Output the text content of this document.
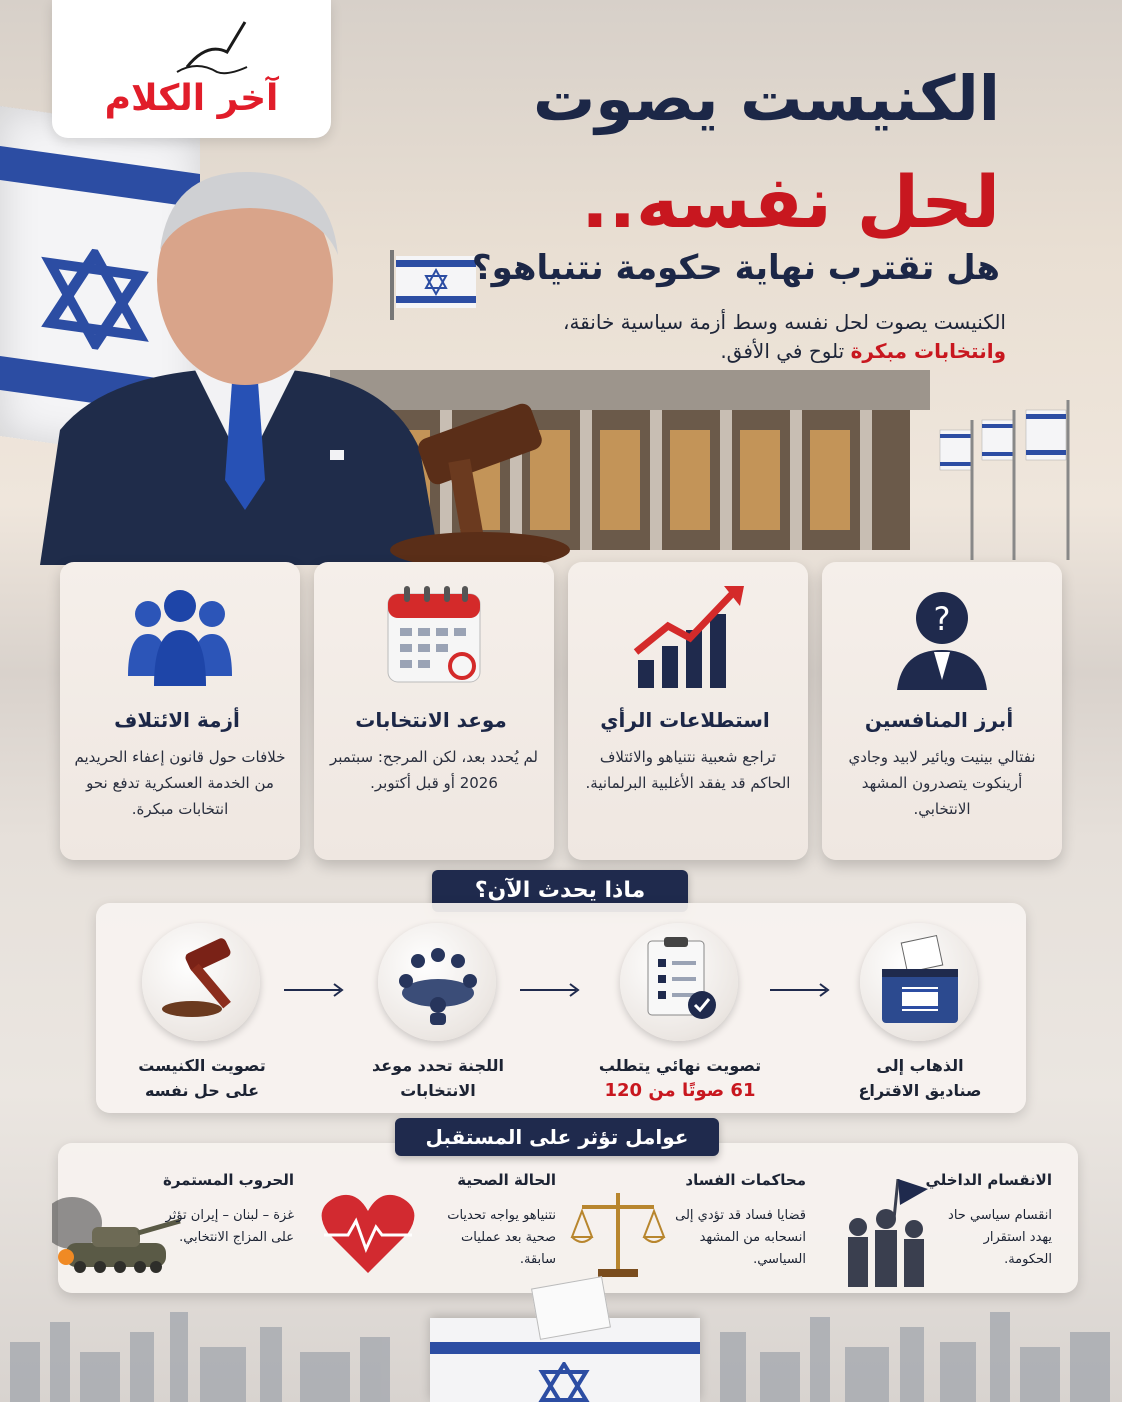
آخر الكلام	الكنيست يصوت
لحل نفسه..
هل تقترب نهاية حكومة نتنياهو؟
الكنيست يصوت لحل نفسه وسط أزمة سياسية خانقة،
وانتخابات مبكرة تلوح في الأفق.
?
أبرز المنافسين
نفتالي بينيت ويائير لابيد وجادي أرينكوت يتصدرون المشهد الانتخابي.
استطلاعات الرأي
تراجع شعبية نتنياهو والائتلاف الحاكم قد يفقد الأغلبية البرلمانية.
موعد الانتخابات
لم يُحدد بعد، لكن المرجح: سبتمبر 2026 أو قبل أكتوبر.
أزمة الائتلاف
خلافات حول قانون إعفاء الحريديم من الخدمة العسكرية تدفع نحو انتخابات مبكرة.
ماذا يحدث الآن؟
الذهاب إلى
صناديق الاقتراع
تصويت نهائي يتطلب
61 صوتًا من 120
اللجنة تحدد موعد
الانتخابات
تصويت الكنيست
على حل نفسه
الانقسام الداخلي
انقسام سياسي حاد يهدد استقرار الحكومة.
محاكمات الفساد
قضايا فساد قد تؤدي إلى انسحابه من المشهد السياسي.
الحالة الصحية
نتنياهو يواجه تحديات صحية بعد عمليات سابقة.
الحروب المستمرة
غزة – لبنان – إيران تؤثر على المزاج الانتخابي.
عوامل تؤثر على المستقبل
